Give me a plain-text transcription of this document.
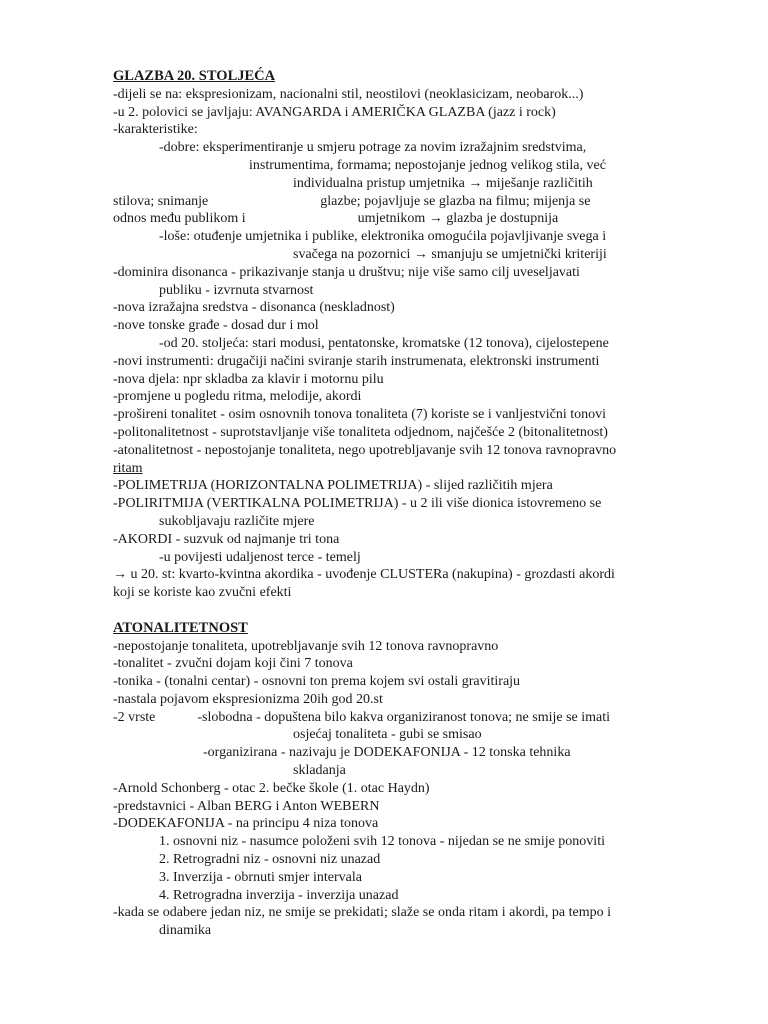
GLAZBA 20. STOLJEĆA
-dijeli se na: ekspresionizam, nacionalni stil, neostilovi (neoklasicizam, neobarok...)
-u 2. polovici se javljaju: AVANGARDA i AMERIČKA GLAZBA (jazz i rock)
-karakteristike:
-dobre: eksperimentiranje u smjeru potrage za novim izražajnim sredstvima,
instrumentima, formama; nepostojanje jednog velikog stila, već
individualna pristup umjetnika → miješanje različitih
stilova; snimanje                                glazbe; pojavljuje se glazba na filmu; mijenja se
odnos među publikom i                                umjetnikom → glazba je dostupnija
-loše: otuđenje umjetnika i publike, elektronika omogućila pojavljivanje svega i
svačega na pozornici → smanjuju se umjetnički kriteriji
-dominira disonanca - prikazivanje stanja u društvu; nije više samo cilj uveseljavati
publiku - izvrnuta stvarnost
-nova izražajna sredstva - disonanca (neskladnost)
-nove tonske građe - dosad dur i mol
-od 20. stoljeća: stari modusi, pentatonske, kromatske (12 tonova), cijelostepene
-novi instrumenti: drugačiji načini sviranje starih instrumenata, elektronski instrumenti
-nova djela: npr skladba za klavir i motornu pilu
-promjene u pogledu ritma, melodije, akordi
-prošireni tonalitet - osim osnovnih tonova tonaliteta (7) koriste se i vanljestvični tonovi
-politonalitetnost - suprotstavljanje više tonaliteta odjednom, najčešće 2 (bitonalitetnost)
-atonalitetnost - nepostojanje tonaliteta, nego upotrebljavanje svih 12 tonova ravnopravno
ritam
-POLIMETRIJA (HORIZONTALNA POLIMETRIJA) - slijed različitih mjera
-POLIRITMIJA (VERTIKALNA POLIMETRIJA) - u 2 ili više dionica istovremeno se
sukobljavaju različite mjere
-AKORDI - suzvuk od najmanje tri tona
-u povijesti udaljenost terce - temelj
→ u 20. st: kvarto-kvintna akordika - uvođenje CLUSTERa (nakupina) - grozdasti akordi
koji se koriste kao zvučni efekti
ATONALITETNOST
-nepostojanje tonaliteta, upotrebljavanje svih 12 tonova ravnopravno
-tonalitet - zvučni dojam koji čini 7 tonova
-tonika - (tonalni centar) - osnovni ton prema kojem svi ostali gravitiraju
-nastala pojavom ekspresionizma 20ih god 20.st
-2 vrste            -slobodna - dopuštena bilo kakva organiziranost tonova; ne smije se imati
osjećaj tonaliteta - gubi se smisao
-organizirana - nazivaju je DODEKAFONIJA - 12 tonska tehnika
skladanja
-Arnold Schonberg - otac 2. bečke škole (1. otac Haydn)
-predstavnici - Alban BERG i Anton WEBERN
-DODEKAFONIJA - na principu 4 niza tonova
1. osnovni niz - nasumce položeni svih 12 tonova - nijedan se ne smije ponoviti
2. Retrogradni niz - osnovni niz unazad
3. Inverzija - obrnuti smjer intervala
4. Retrogradna inverzija - inverzija unazad
-kada se odabere jedan niz, ne smije se prekidati; slaže se onda ritam i akordi, pa tempo i
dinamika
